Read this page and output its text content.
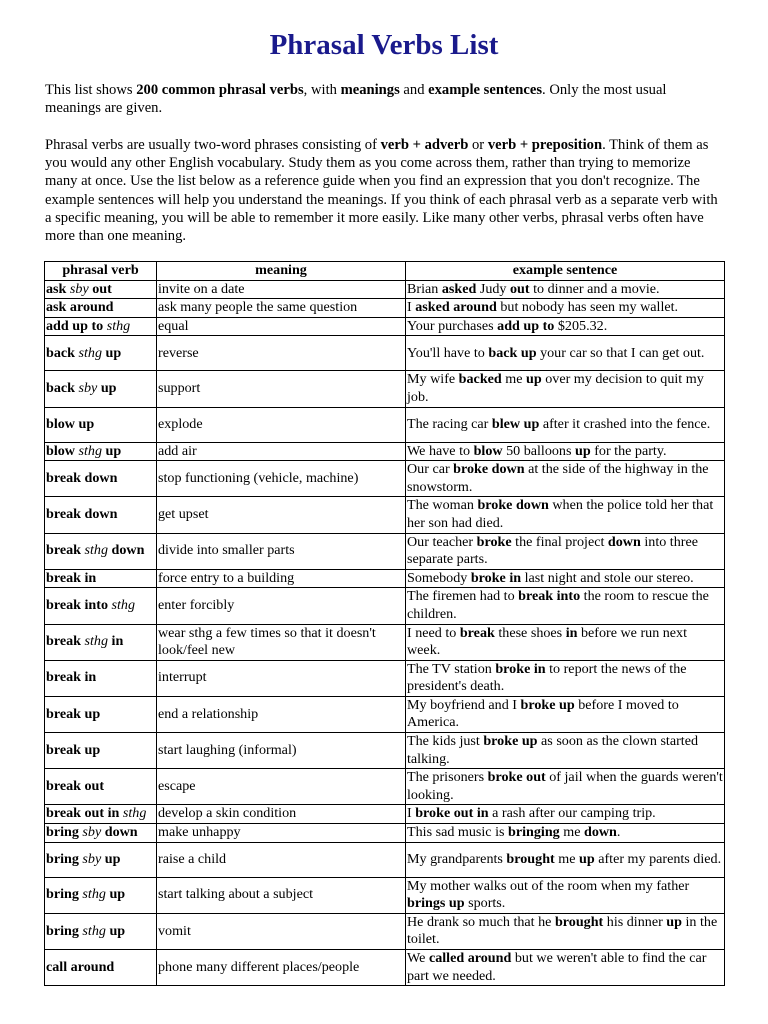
Phrasal Verbs List

This list shows 200 common phrasal verbs, with meanings and example sentences. Only the most usual meanings are given.

Phrasal verbs are usually two-word phrases consisting of verb + adverb or verb + preposition. Think of them as you would any other English vocabulary. Study them as you come across them, rather than trying to memorize many at once. Use the list below as a reference guide when you find an expression that you don't recognize. The example sentences will help you understand the meanings. If you think of each phrasal verb as a separate verb with a specific meaning, you will be able to remember it more easily. Like many other verbs, phrasal verbs often have more than one meaning.

phrasal verb	meaning	example sentence
ask sby out	invite on a date	Brian asked Judy out to dinner and a movie.
ask around	ask many people the same question	I asked around but nobody has seen my wallet.
add up to sthg	equal	Your purchases add up to $205.32.
back sthg up	reverse	You'll have to back up your car so that I can get out.
back sby up	support	My wife backed me up over my decision to quit my job.
blow up	explode	The racing car blew up after it crashed into the fence.
blow sthg up	add air	We have to blow 50 balloons up for the party.
break down	stop functioning (vehicle, machine)	Our car broke down at the side of the highway in the snowstorm.
break down	get upset	The woman broke down when the police told her that her son had died.
break sthg down	divide into smaller parts	Our teacher broke the final project down into three separate parts.
break in	force entry to a building	Somebody broke in last night and stole our stereo.
break into sthg	enter forcibly	The firemen had to break into the room to rescue the children.
break sthg in	wear sthg a few times so that it doesn't look/feel new	I need to break these shoes in before we run next week.
break in	interrupt	The TV station broke in to report the news of the president's death.
break up	end a relationship	My boyfriend and I broke up before I moved to America.
break up	start laughing (informal)	The kids just broke up as soon as the clown started talking.
break out	escape	The prisoners broke out of jail when the guards weren't looking.
break out in sthg	develop a skin condition	I broke out in a rash after our camping trip.
bring sby down	make unhappy	This sad music is bringing me down.
bring sby up	raise a child	My grandparents brought me up after my parents died.
bring sthg up	start talking about a subject	My mother walks out of the room when my father brings up sports.
bring sthg up	vomit	He drank so much that he brought his dinner up in the toilet.
call around	phone many different places/people	We called around but we weren't able to find the car part we needed.
